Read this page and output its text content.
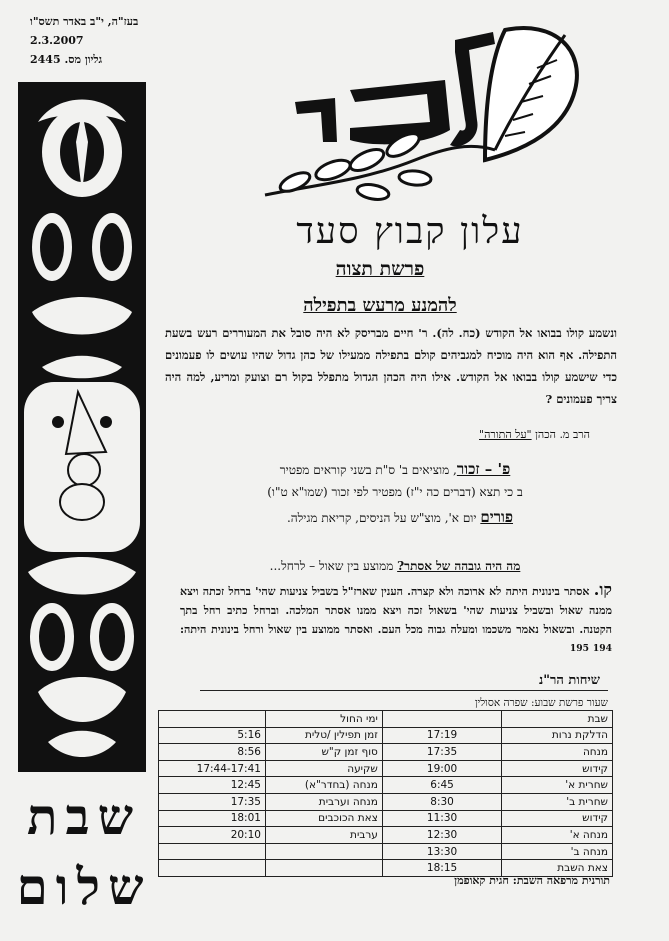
בעז"ה, י"ב באדר תשס"ו
2.3.2007
גליון מס. 2445
עלון קבוץ סעד
פרשת תצוה
להמנע מרעש בתפילה
ונשמע קולו בבואו אל הקודש (כח. לה). ר' חיים מבריסק לא היה סובל את המעוררים רעש בשעת התפילה. אף הוא היה מוכיח למגביהים קולם בתפילה ממעילו של כהן גדול שהיו עושים לו פעמונים כדי שישמע קולו בבואו אל הקודש. אילו היה הכהן הגדול מתפלל בקול רם וצועק ומריע, למה היה צריך פעמונים ?
הרב מ. הכהן "על התורה"
פ' – זכור, מוציאים ב' ס"ת בשני קוראים מפטיר
ב כי תצא (דברים כה י"ז) מפטיר לפי זכור (שמו"א ט"ו)
פורים יום א', מוצ"ש על הניסים, קריאת מגילה.
מה היה גובהה של אסתר? ממוצע בין שאול – לרחל...
קו. אסתר בינונית היתה לא ארוכה ולא קצרה. הענין שארז"ל בשביל צניעות שהי' ברחל זכתה ויצא ממנה שאול ובשביל צניעות שהי' בשאול זכה ויצא ממנו אסתר המלכה. וברחל כתיב רחל בתך הקטנה. ובשאול נאמר משכמו ומעלה גבוה מכל העם. ואסתר ממוצע בין שאול ורחל בינונית היתה: $^{194}$ $^{195}$
שיחות הר"נ
שעור פרשת שבוע: שפרה אסולין
שבת		ימי החול	
הדלקת נרות	17:19	זמן תפילין /טלית	5:16
מנחה	17:35	סוף זמן ק"ש	8:56
קידוש	19:00	שקיעה	17:44-17:41
שחרית א'	6:45	מנחה (בחדר"א)	12:45
שחרית ב'	8:30	מנחה וערבית	17:35
קידוש	11:30	צאת הכוכבים	18:01
מנחה א'	12:30	ערבית	20:10
מנחה ב'	13:30		
צאת השבת	18:15		
תורנית מרפאה השבת: חגית קאופמן
שבת
שלום
